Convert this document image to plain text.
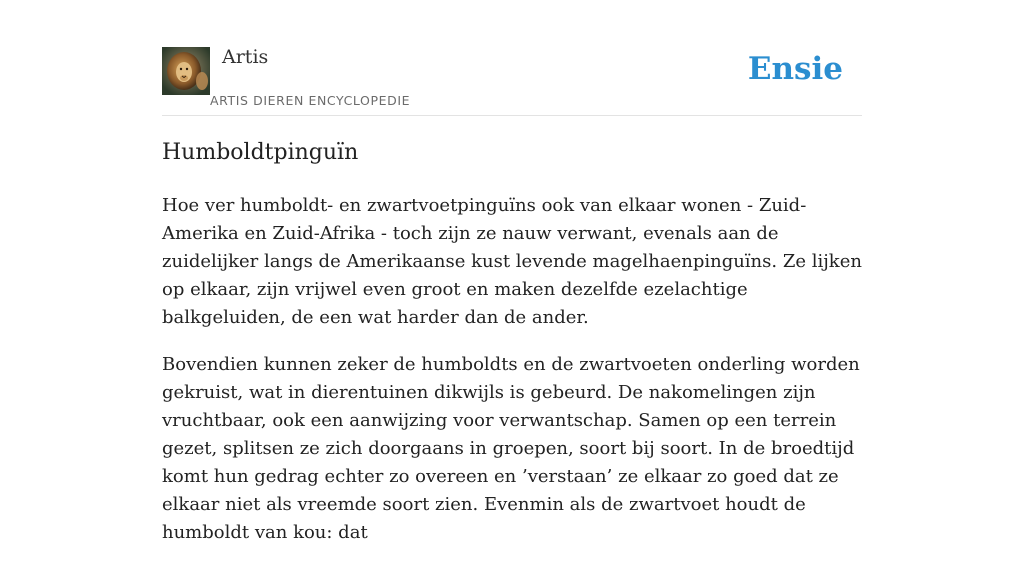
Artis
ARTIS DIEREN ENCYCLOPEDIE
Ensie
Humboldtpinguïn

Hoe ver humboldt- en zwartvoetpinguïns ook van elkaar wonen - Zuid-Amerika en Zuid-Afrika - toch zijn ze nauw verwant, evenals aan de zuidelijker langs de Amerikaanse kust levende magelhaenpinguïns. Ze lijken op elkaar, zijn vrijwel even groot en maken dezelfde ezelachtige balkgeluiden, de een wat harder dan de ander.

Bovendien kunnen zeker de humboldts en de zwartvoeten onderling worden gekruist, wat in dierentuinen dikwijls is gebeurd. De nakomelingen zijn vruchtbaar, ook een aanwijzing voor verwantschap. Samen op een terrein gezet, splitsen ze zich doorgaans in groepen, soort bij soort. In de broedtijd komt hun gedrag echter zo overeen en ’verstaan’ ze elkaar zo goed dat ze elkaar niet als vreemde soort zien. Evenmin als de zwartvoet houdt de humboldt van kou: dat
